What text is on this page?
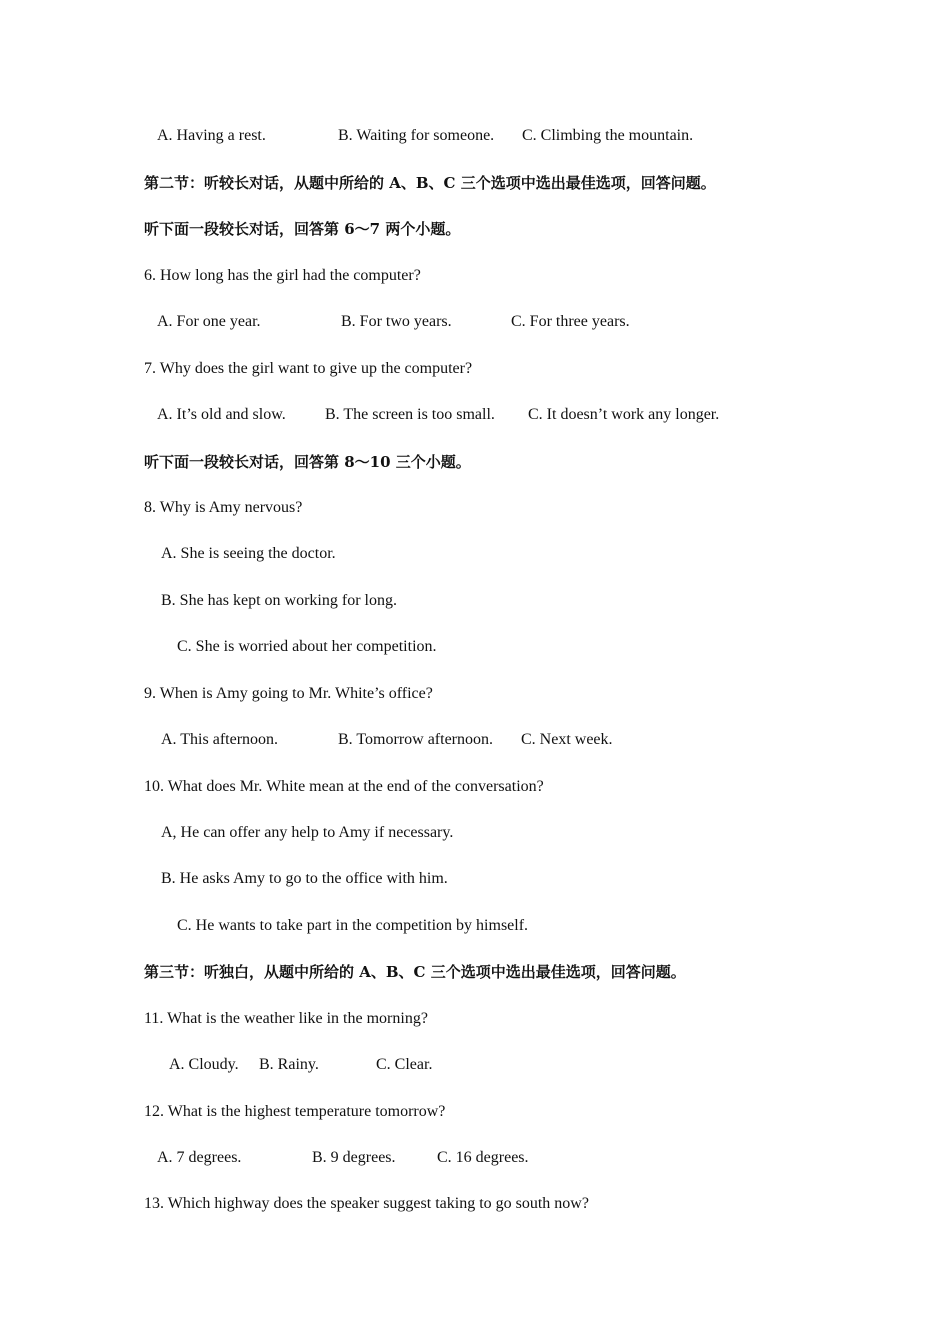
A. Having a rest.	B. Waiting for someone. C. Climbing the mountain.
第二节：听较长对话，从题中所给的 A、B、C 三个选项中选出最佳选项，回答问题。
听下面一段较长对话，回答第 6～7 两个小题。
6. How long has the girl had the computer?
A. For one year.	B. For two years.	C. For three years.
7. Why does the girl want to give up the computer?
A. It’s old and slow. B. The screen is too small. C. It doesn’t work any longer.
听下面一段较长对话，回答第 8～10 三个小题。
8. Why is Amy nervous?
A. She is seeing the doctor.
B. She has kept on working for long.
C. She is worried about her competition.
9. When is Amy going to Mr. White’s office?
A. This afternoon.	B. Tomorrow afternoon. C. Next week.
10. What does Mr. White mean at the end of the conversation?
A, He can offer any help to Amy if necessary.
B. He asks Amy to go to the office with him.
C. He wants to take part in the competition by himself.
第三节：听独白，从题中所给的 A、B、C 三个选项中选出最佳选项，回答问题。
11. What is the weather like in the morning?
A. Cloudy. B. Rainy.	C. Clear.
12. What is the highest temperature tomorrow?
A. 7 degrees.	B. 9 degrees.	C. 16 degrees.
13. Which highway does the speaker suggest taking to go south now?
